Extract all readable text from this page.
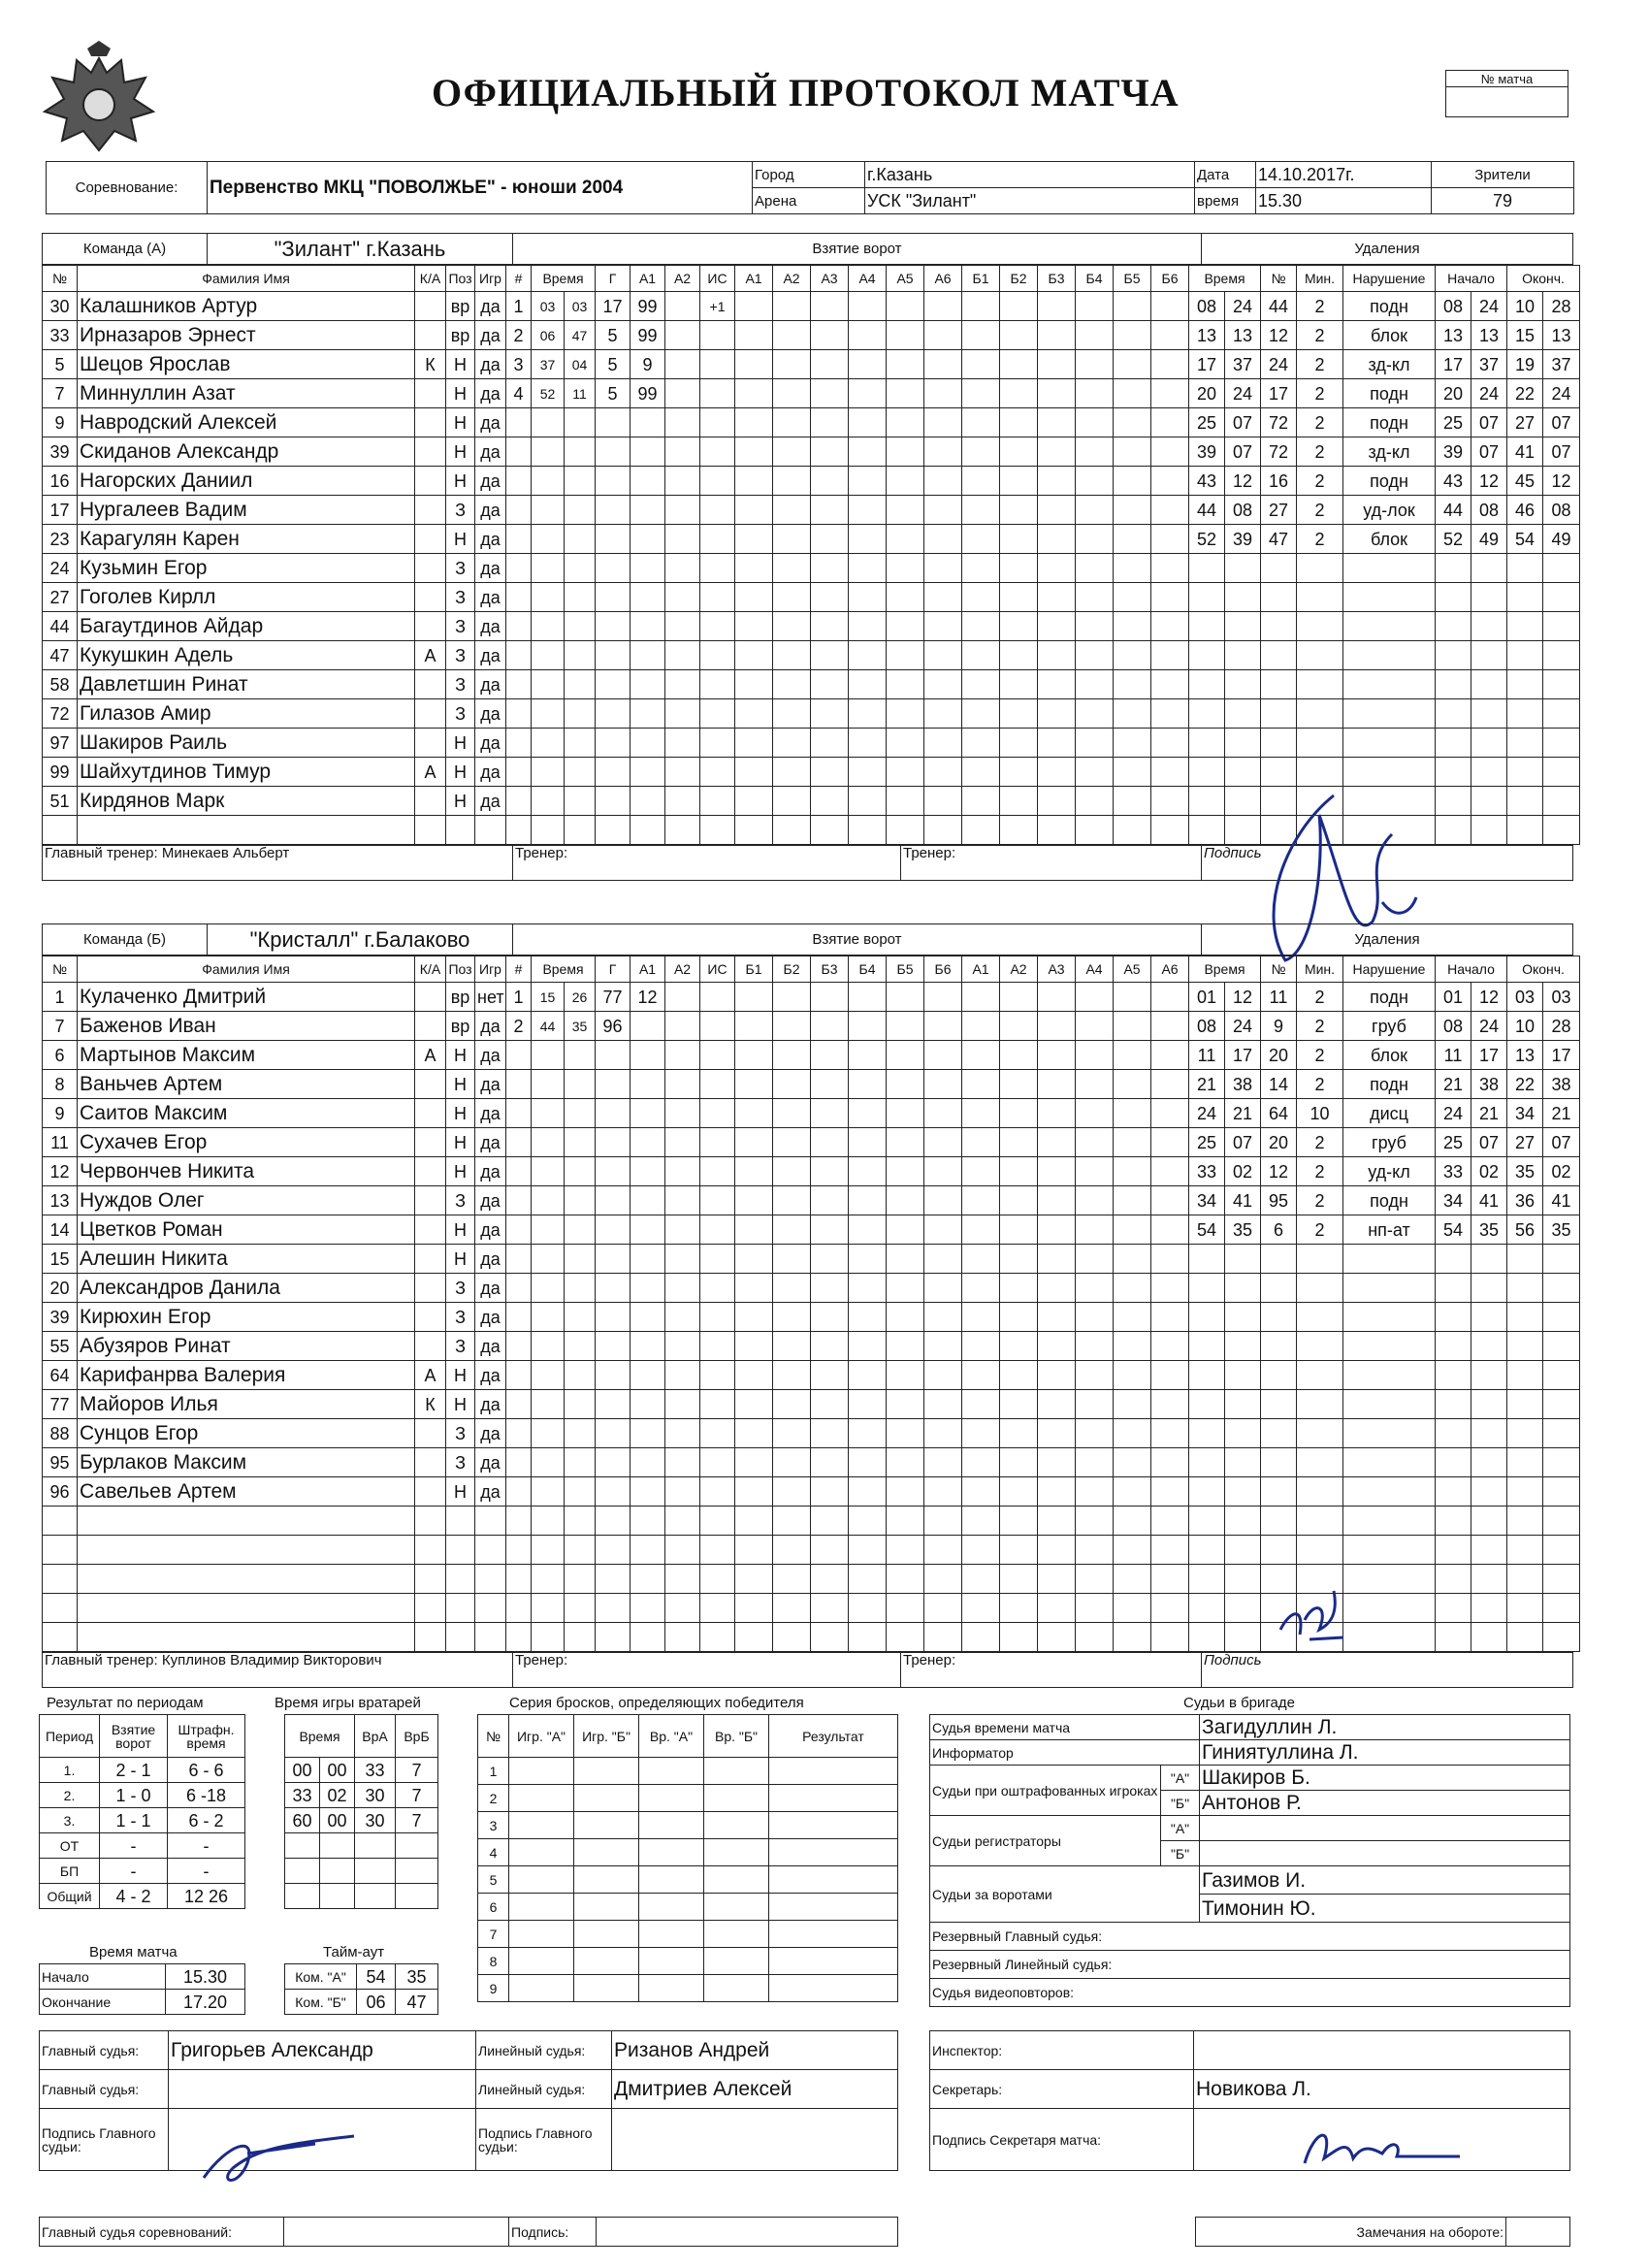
ОФИЦИАЛЬНЫЙ ПРОТОКОЛ МАТЧА	№ матча

Соревнование:	Первенство МКЦ "ПОВОЛЖЬЕ" - юноши 2004	Город	г.Казань	Дата	14.10.2017г.	Зрители
		Арена	УСК "Зилант"	время	15.30	79
Команда (А)	"Зилант" г.Казань	Взятие ворот	Удаления
№	Фамилия Имя	К/А	Поз	Игр	#	Время		Г	А1	А2	ИС	А1	А2	А3	А4	А5	А6	Б1	Б2	Б3	Б4	Б5	Б6	Время		№	Мин.	Нарушение	Начало		Оконч.	
30	Калашников Артур		вр	да	1	03	03	17	99		+1													08	24	44	2	подн	08	24	10	28
33	Ирназаров Эрнест		вр	да	2	06	47	5	99															13	13	12	2	блок	13	13	15	13
5	Шецов Ярослав	К	Н	да	3	37	04	5	9															17	37	24	2	зд-кл	17	37	19	37
7	Миннуллин Азат		Н	да	4	52	11	5	99															20	24	17	2	подн	20	24	22	24
9	Навродский Алексей		Н	да																				25	07	72	2	подн	25	07	27	07
39	Скиданов Александр		Н	да																				39	07	72	2	зд-кл	39	07	41	07
16	Нагорских Даниил		Н	да																				43	12	16	2	подн	43	12	45	12
17	Нургалеев Вадим		З	да																				44	08	27	2	уд-лок	44	08	46	08
23	Карагулян Карен		Н	да																				52	39	47	2	блок	52	49	54	49
24	Кузьмин Егор		З	да																												
27	Гоголев Кирлл		З	да																												
44	Багаутдинов Айдар		З	да																												
47	Кукушкин Адель	А	З	да																												
58	Давлетшин Ринат		З	да																												
72	Гилазов Амир		З	да																												
97	Шакиров Раиль		Н	да																												
99	Шайхутдинов Тимур	А	Н	да																												
51	Кирдянов Марк		Н	да																												

Главный тренер: Минекаев Альберт	Тренер:	Тренер:	Подпись
Команда (Б)	"Кристалл" г.Балаково	Взятие ворот	Удаления
№	Фамилия Имя	К/А	Поз	Игр	#	Время		Г	А1	А2	ИС	Б1	Б2	Б3	Б4	Б5	Б6	А1	А2	А3	А4	А5	А6	Время		№	Мин.	Нарушение	Начало		Оконч.	
1	Кулаченко Дмитрий		вр	нет	1	15	26	77	12															01	12	11	2	подн	01	12	03	03
7	Баженов Иван		вр	да	2	44	35	96																08	24	9	2	груб	08	24	10	28
6	Мартынов Максим	А	Н	да																				11	17	20	2	блок	11	17	13	17
8	Ваньчев Артем		Н	да																				21	38	14	2	подн	21	38	22	38
9	Саитов Максим		Н	да																				24	21	64	10	дисц	24	21	34	21
11	Сухачев Егор		Н	да																				25	07	20	2	груб	25	07	27	07
12	Червончев Никита		Н	да																				33	02	12	2	уд-кл	33	02	35	02
13	Нуждов Олег		З	да																				34	41	95	2	подн	34	41	36	41
14	Цветков Роман		Н	да																				54	35	6	2	нп-ат	54	35	56	35
15	Алешин Никита		Н	да																												
20	Александров Данила		З	да																												
39	Кирюхин Егор		З	да																												
55	Абузяров Ринат		З	да																												
64	Карифанрва Валерия	А	Н	да																												
77	Майоров Илья	К	Н	да																												
88	Сунцов Егор		З	да																												
95	Бурлаков Максим		З	да																												
96	Савельев Артем		Н	да																												

Главный тренер: Куплинов Владимир Викторович	Тренер:	Тренер:	Подпись
Результат по периодам
Период	Взятие ворот	Штрафн. время
1.	2 - 1	6 - 6
2.	1 - 0	6 -18
3.	1 - 1	6 - 2
ОТ	-	-
БП	-	-
Общий	4 - 2	12 26
Время игры вратарей
Время		ВрА	ВрБ
00	00	33	7
33	02	30	7
60	00	30	7

Время матча
Начало	15.30
Окончание	17.20
Тайм-аут
Ком. "А"	54	35
Ком. "Б"	06	47
Серия бросков, определяющих победителя
№	Игр. "А"	Игр. "Б"	Вр. "А"	Вр. "Б"	Результат
1					
2					
3					
4					
5					
6					
7					
8					
9					
Судьи в бригаде
Судья времени матча		Загидуллин Л.
Информатор		Гиниятуллина Л.
Судьи при оштрафованных игроках	"А"	Шакиров Б.
	"Б"	Антонов Р.
Судьи регистраторы	"А"	
	"Б"	
Судьи за воротами		Газимов И.
		Тимонин Ю.
Резервный Главный судья:		
Резервный Линейный судья:		
Судья видеоповторов:		
Главный судья:	Григорьев Александр	Линейный судья:	Ризанов Андрей
Главный судья:		Линейный судья:	Дмитриев Алексей
Подпись Главного судьи:		Подпись Главного судьи:	
Инспектор:	
Секретарь:	Новикова Л.
Подпись Секретаря матча:	
Главный судья соревнований:		Подпись:		Замечания на обороте:	
